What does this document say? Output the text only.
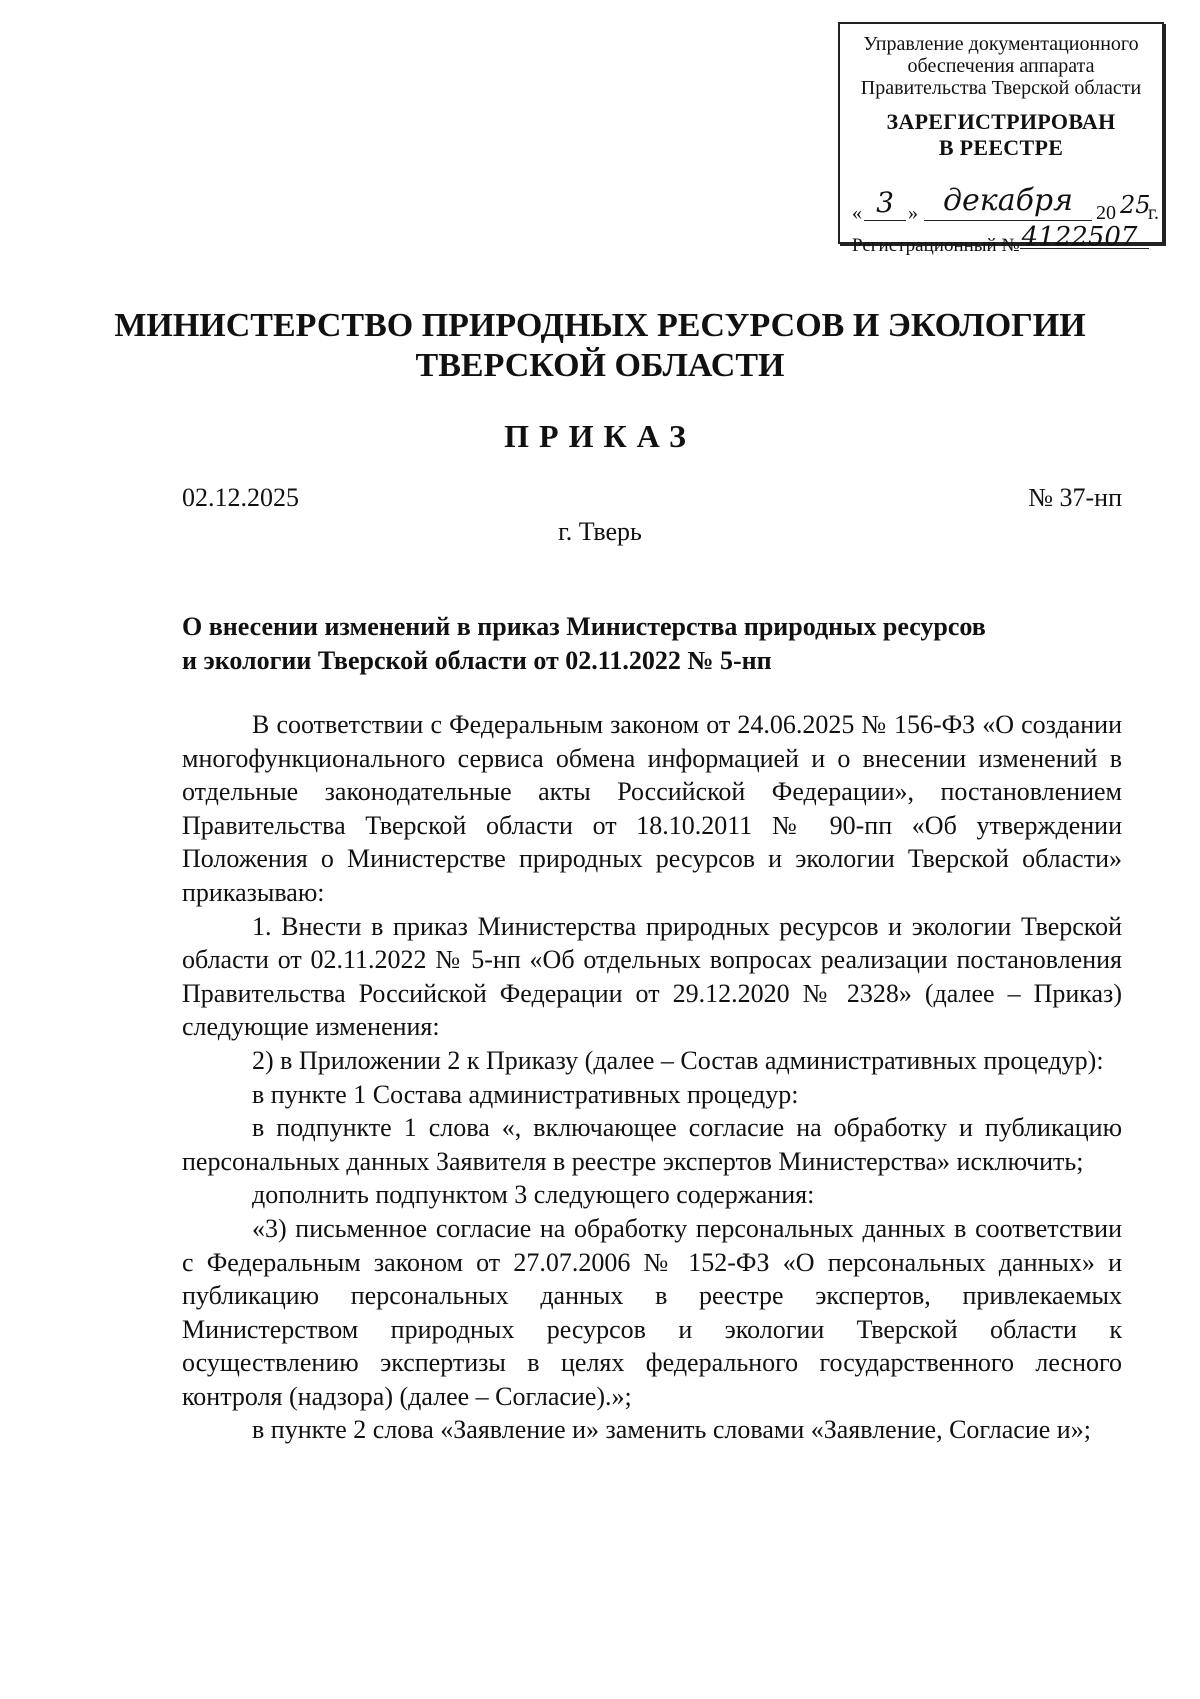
Управление документационного
обеспечения аппарата
Правительства Тверской области
ЗАРЕГИСТРИРОВАН
В РЕЕСТРЕ
« 3 » декабря	20 25
г.
Регистрационный №4122507
МИНИСТЕРСТВО ПРИРОДНЫХ РЕСУРСОВ И ЭКОЛОГИИ
ТВЕРСКОЙ ОБЛАСТИ
ПРИКАЗ
02.12.2025	№ 37-нп
г. Тверь
О внесении изменений в приказ Министерства природных ресурсов
и экологии Тверской области от 02.11.2022 № 5-нп

В соответствии с Федеральным законом от 24.06.2025 № 156-ФЗ «О создании многофункционального сервиса обмена информацией и о внесении изменений в отдельные законодательные акты Российской Федерации», постановлением Правительства Тверской области от 18.10.2011 № 90-пп «Об утверждении Положения о Министерстве природных ресурсов и экологии Тверской области» приказываю:

1. Внести в приказ Министерства природных ресурсов и экологии Тверской области от 02.11.2022 № 5-нп «Об отдельных вопросах реализации постановления Правительства Российской Федерации от 29.12.2020 № 2328» (далее – Приказ) следующие изменения:

2) в Приложении 2 к Приказу (далее – Состав административных процедур):

в пункте 1 Состава административных процедур:

в подпункте 1 слова «, включающее согласие на обработку и публикацию персональных данных Заявителя в реестре экспертов Министерства» исключить;

дополнить подпунктом 3 следующего содержания:

«3) письменное согласие на обработку персональных данных в соответствии с Федеральным законом от 27.07.2006 № 152-ФЗ «О персональных данных» и публикацию персональных данных в реестре экспертов, привлекаемых Министерством природных ресурсов и экологии Тверской области к осуществлению экспертизы в целях федерального государственного лесного контроля (надзора) (далее – Согласие).»;

в пункте 2 слова «Заявление и» заменить словами «Заявление, Согласие и»;
